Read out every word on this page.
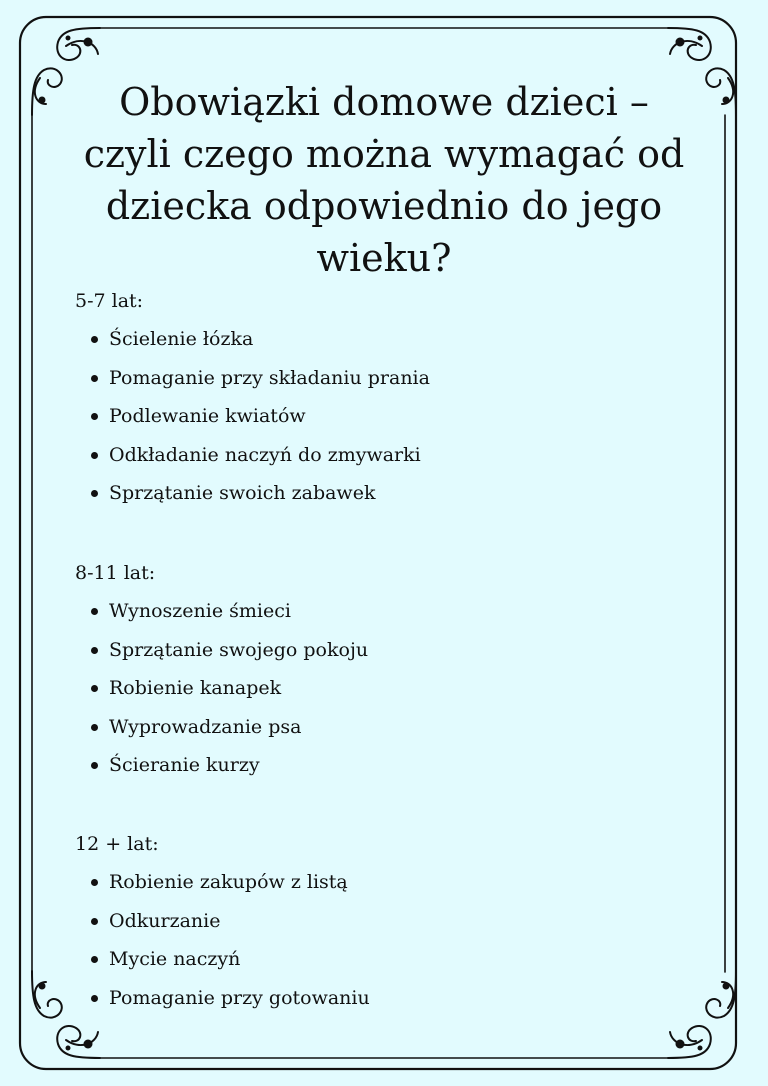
Obowiązki domowe dzieci – czyli czego można wymagać od dziecka odpowiednio do jego wieku?

5-7 lat:

Ścielenie łózka
Pomaganie przy składaniu prania
Podlewanie kwiatów
Odkładanie naczyń do zmywarki
Sprzątanie swoich zabawek

8-11 lat:

Wynoszenie śmieci
Sprzątanie swojego pokoju
Robienie kanapek
Wyprowadzanie psa
Ścieranie kurzy

12 + lat:

Robienie zakupów z listą
Odkurzanie
Mycie naczyń
Pomaganie przy gotowaniu
